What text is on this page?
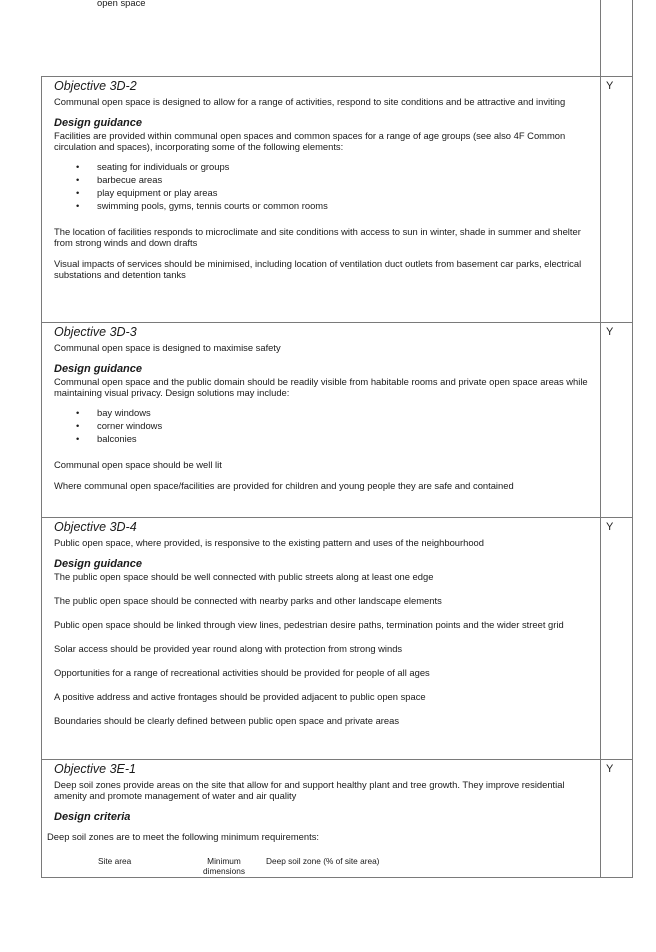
open space

Objective 3D-2

Communal open space is designed to allow for a range of activities, respond to site conditions and be attractive and inviting

Design guidance

Facilities are provided within communal open spaces and common spaces for a range of age groups (see also 4F Common circulation and spaces), incorporating some of the following elements:

• seating for individuals or groups
• barbecue areas
• play equipment or play areas
• swimming pools, gyms, tennis courts or common rooms

The location of facilities responds to microclimate and site conditions with access to sun in winter, shade in summer and shelter from strong winds and down drafts

Visual impacts of services should be minimised, including location of ventilation duct outlets from basement car parks, electrical substations and detention tanks

Y

Objective 3D-3

Communal open space is designed to maximise safety

Design guidance

Communal open space and the public domain should be readily visible from habitable rooms and private open space areas while maintaining visual privacy. Design solutions may include:

• bay windows
• corner windows
• balconies

Communal open space should be well lit

Where communal open space/facilities are provided for children and young people they are safe and contained

Y

Objective 3D-4

Public open space, where provided, is responsive to the existing pattern and uses of the neighbourhood

Design guidance

The public open space should be well connected with public streets along at least one edge

The public open space should be connected with nearby parks and other landscape elements

Public open space should be linked through view lines, pedestrian desire paths, termination points and the wider street grid

Solar access should be provided year round along with protection from strong winds

Opportunities for a range of recreational activities should be provided for people of all ages

A positive address and active frontages should be provided adjacent to public open space

Boundaries should be clearly defined between public open space and private areas

Y

Objective 3E-1

Deep soil zones provide areas on the site that allow for and support healthy plant and tree growth. They improve residential amenity and promote management of water and air quality

Design criteria

Deep soil zones are to meet the following minimum requirements:
Site area	Minimum dimensions
Deep soil zone (% of site area)
Y
